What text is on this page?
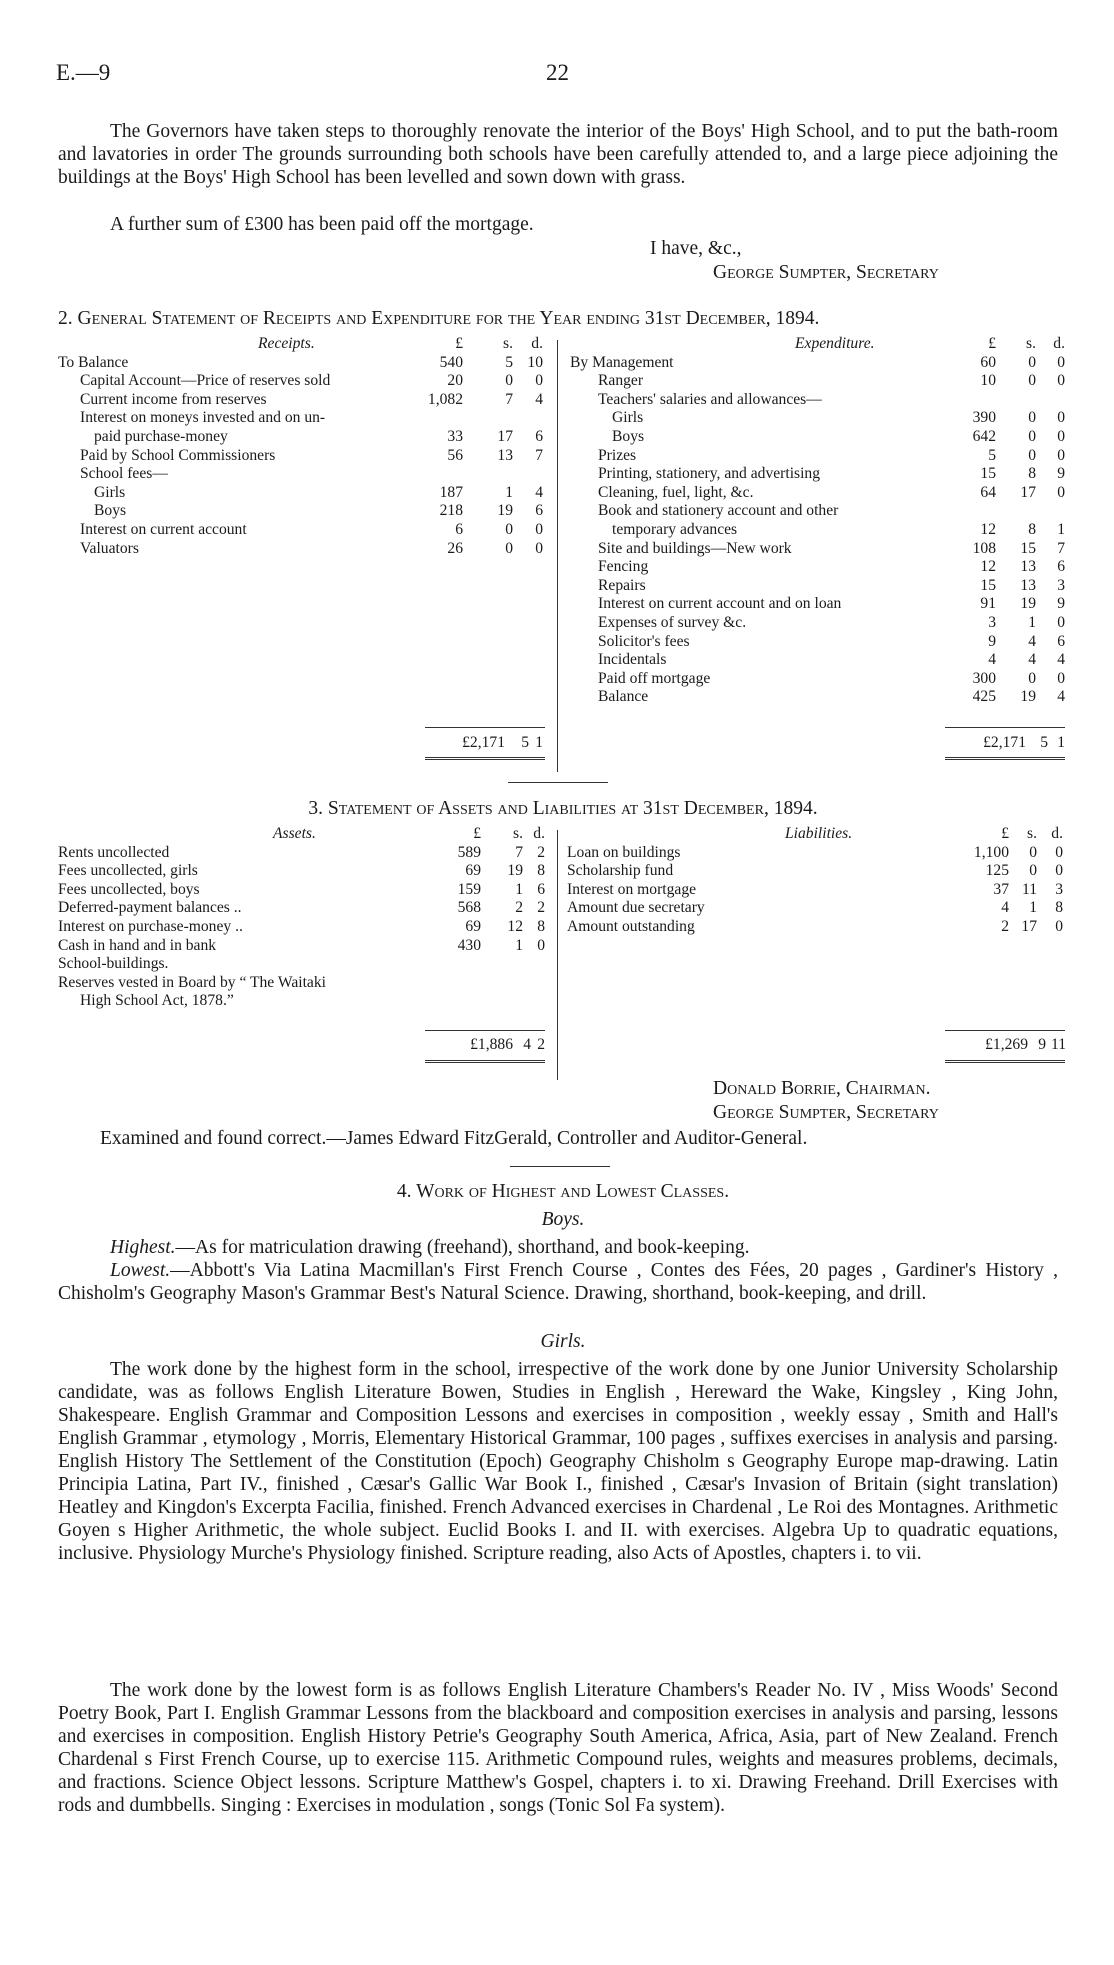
E.—9	22
The Governors have taken steps to thoroughly renovate the interior of the Boys' High School, and to put the bath-room and lavatories in order The grounds surrounding both schools have been carefully attended to, and a large piece adjoining the buildings at the Boys' High School has been levelled and sown down with grass.
A further sum of £300 has been paid off the mortgage.
I have, &c.,
George Sumpter, Secretary
2. General Statement of Receipts and Expenditure for the Year ending 31st December, 1894.
Receipts.	£	s. d.
To Balance	540	5 10
Capital Account—Price of reserves sold	20	0 0
Current income from reserves	1,082	7 4
Interest on moneys invested and on un-
paid purchase-money	33 17 6
Paid by School Commissioners	56 13 7
School fees—
Girls	187	1 4
Boys	218 19 6
Interest on current account	6	0 0
Valuators	26	0 0
Expenditure.	£ s. d.
By Management	60 0 0
Ranger	10 0 0
Teachers' salaries and allowances—
Girls	390 0 0
Boys	642 0 0
Prizes	5 0 0
Printing, stationery, and advertising	15 8 9
Cleaning, fuel, light, &c.	64 17 0
Book and stationery account and other
temporary advances	12 8 1
Site and buildings—New work	108 15 7
Fencing	12 13 6
Repairs	15 13 3
Interest on current account and on loan	91 19 9
Expenses of survey &c.	3 1 0
Solicitor's fees	9 4 6
Incidentals	4 4 4
Paid off mortgage	300 0 0
Balance	425 19 4
£2,171 5 1	£2,171 5 1
3. Statement of Assets and Liabilities at 31st December, 1894.
Assets.	£ s. d.
Rents uncollected	589 7 2
Fees uncollected, girls	69 19 8
Fees uncollected, boys	159 1 6
Deferred-payment balances ..	568 2 2
Interest on purchase-money ..	69 12 8
Cash in hand and in bank	430 1 0
School-buildings.
Reserves vested in Board by “ The Waitaki
High School Act, 1878.”
Liabilities.	£ s. d.
Loan on buildings	1,100 0 0
Scholarship fund	125 0 0
Interest on mortgage	37 11 3
Amount due secretary	4 1 8
Amount outstanding	2 17 0
£1,886 4 2	£1,269 9 11
Donald Borrie, Chairman.
George Sumpter, Secretary
Examined and found correct.—James Edward FitzGerald, Controller and Auditor-General.
4. Work of Highest and Lowest Classes.
Boys.
Highest.—As for matriculation drawing (freehand), shorthand, and book-keeping.
Lowest.—Abbott's Via Latina Macmillan's First French Course , Contes des Fées, 20 pages , Gardiner's History , Chisholm's Geography Mason's Grammar Best's Natural Science. Drawing, shorthand, book-keeping, and drill.
Girls.
The work done by the highest form in the school, irrespective of the work done by one Junior University Scholarship candidate, was as follows English Literature Bowen, Studies in English , Hereward the Wake, Kingsley , King John, Shakespeare. English Grammar and Composition Lessons and exercises in composition , weekly essay , Smith and Hall's English Grammar , etymology , Morris, Elementary Historical Grammar, 100 pages , suffixes exercises in analysis and parsing. English History The Settlement of the Constitution (Epoch) Geography Chisholm s Geography Europe map-drawing. Latin Principia Latina, Part IV., finished , Cæsar's Gallic War Book I., finished , Cæsar's Invasion of Britain (sight translation) Heatley and Kingdon's Excerpta Facilia, finished. French Advanced exercises in Chardenal , Le Roi des Montagnes. Arithmetic Goyen s Higher Arithmetic, the whole subject. Euclid Books I. and II. with exercises. Algebra Up to quadratic equations, inclusive. Physiology Murche's Physiology finished. Scripture reading, also Acts of Apostles, chapters i. to vii.
The work done by the lowest form is as follows English Literature Chambers's Reader No. IV , Miss Woods' Second Poetry Book, Part I. English Grammar Lessons from the blackboard and composition exercises in analysis and parsing, lessons and exercises in composition. English History Petrie's Geography South America, Africa, Asia, part of New Zealand. French Chardenal s First French Course, up to exercise 115. Arithmetic Compound rules, weights and measures problems, decimals, and fractions. Science Object lessons. Scripture Matthew's Gospel, chapters i. to xi. Drawing Freehand. Drill Exercises with rods and dumbbells. Singing : Exercises in modulation , songs (Tonic Sol Fa system).
